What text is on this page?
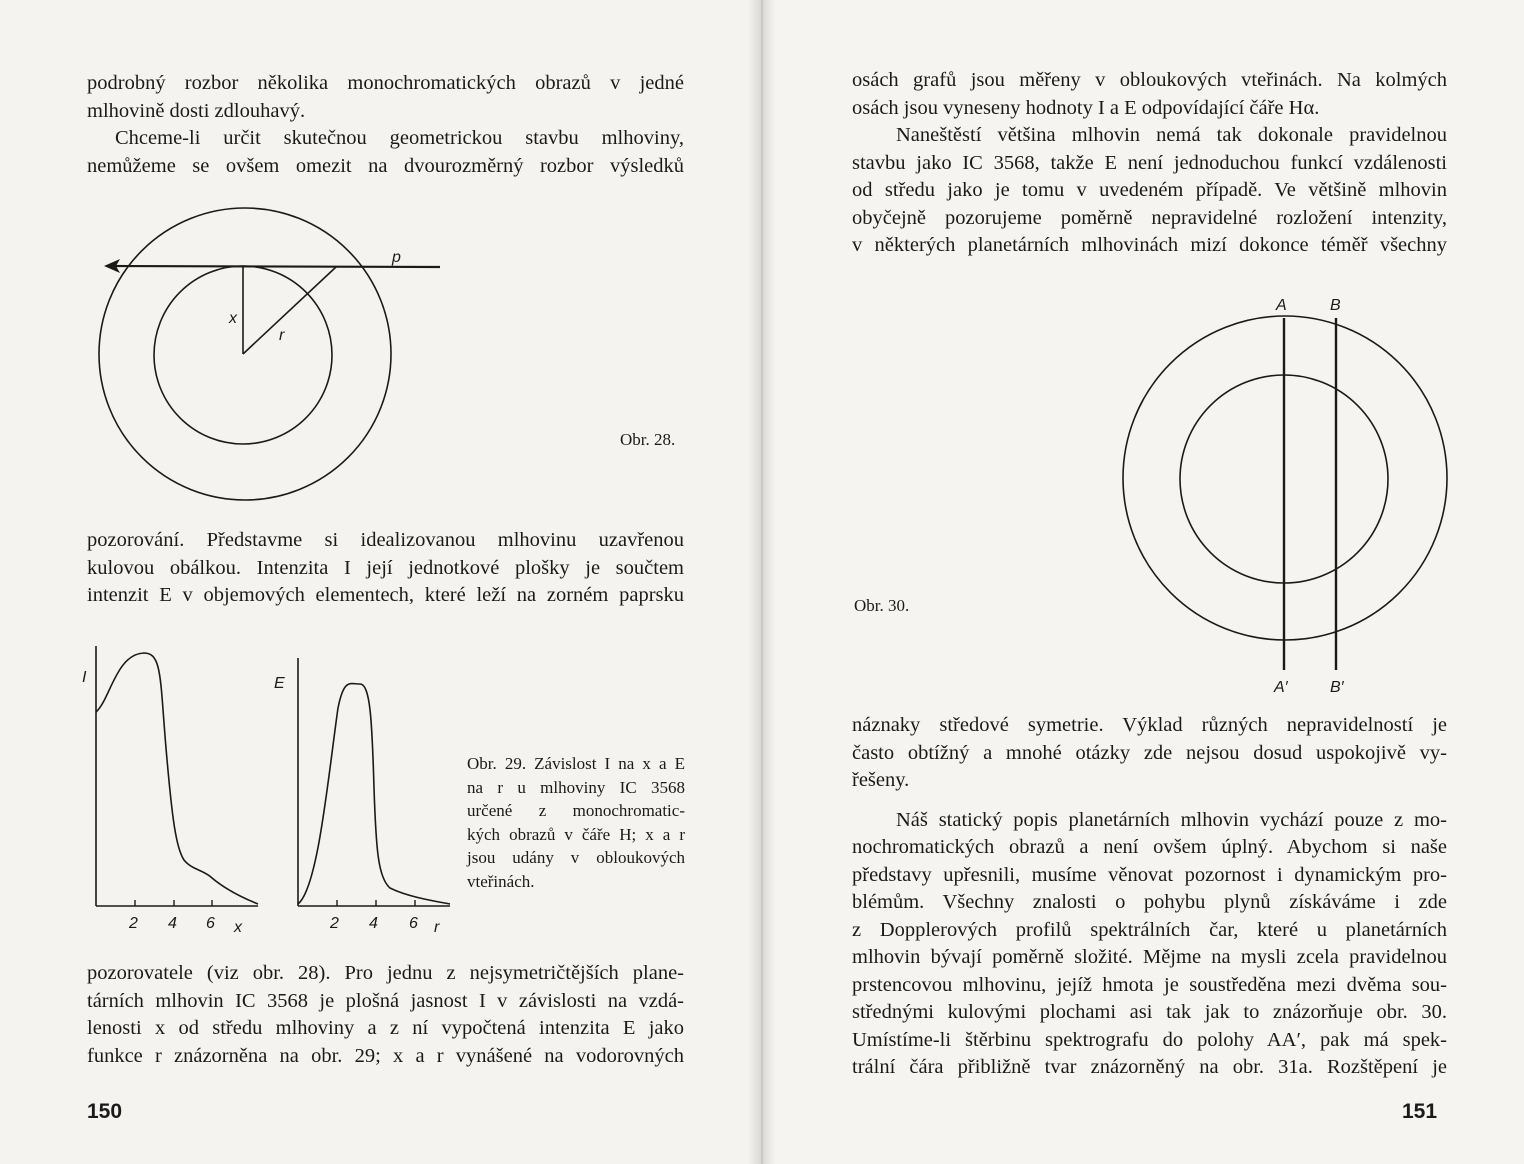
podrobný rozbor několika monochromatických obrazů v jedné
mlhovině dosti zdlouhavý.
Chceme-li určit skutečnou geometrickou stavbu mlhoviny,
nemůžeme se ovšem omezit na dvourozměrný rozbor výsledků
p
x
r
Obr. 28.
pozorování. Představme si idealizovanou mlhovinu uzavřenou
kulovou obálkou. Intenzita I její jednotkové plošky je součtem
intenzit E v objemových elementech, které leží na zorném paprsku
I
2 4 6 x
E
2 4 6 r
Obr. 29. Závislost I na x a E
na r u mlhoviny IC 3568
určené z monochromatic-
kých obrazů v čáře H; x a r
jsou udány v obloukových
vteřinách.
pozorovatele (viz obr. 28). Pro jednu z nejsymetričtějších plane-
tárních mlhovin IC 3568 je plošná jasnost I v závislosti na vzdá-
lenosti x od středu mlhoviny a z ní vypočtená intenzita E jako
funkce r znázorněna na obr. 29; x a r vynášené na vodorovných
150
osách grafů jsou měřeny v obloukových vteřinách. Na kolmých
osách jsou vyneseny hodnoty I a E odpovídající čáře Hα.
Naneštěstí většina mlhovin nemá tak dokonale pravidelnou
stavbu jako IC 3568, takže E není jednoduchou funkcí vzdálenosti
od středu jako je tomu v uvedeném případě. Ve většině mlhovin
obyčejně pozorujeme poměrně nepravidelné rozložení intenzity,
v některých planetárních mlhovinách mizí dokonce téměř všechny
A	B
A′	B′
Obr. 30.
náznaky středové symetrie. Výklad různých nepravidelností je
často obtížný a mnohé otázky zde nejsou dosud uspokojivě vy-
řešeny.
Náš statický popis planetárních mlhovin vychází pouze z mo-
nochromatických obrazů a není ovšem úplný. Abychom si naše
představy upřesnili, musíme věnovat pozornost i dynamickým pro-
blémům. Všechny znalosti o pohybu plynů získáváme i zde
z Dopplerových profilů spektrálních čar, které u planetárních
mlhovin bývají poměrně složité. Mějme na mysli zcela pravidelnou
prstencovou mlhovinu, jejíž hmota je soustředěna mezi dvěma sou-
střednými kulovými plochami asi tak jak to znázorňuje obr. 30.
Umístíme-li štěrbinu spektrografu do polohy AA′, pak má spek-
trální čára přibližně tvar znázorněný na obr. 31a. Rozštěpení je
151
